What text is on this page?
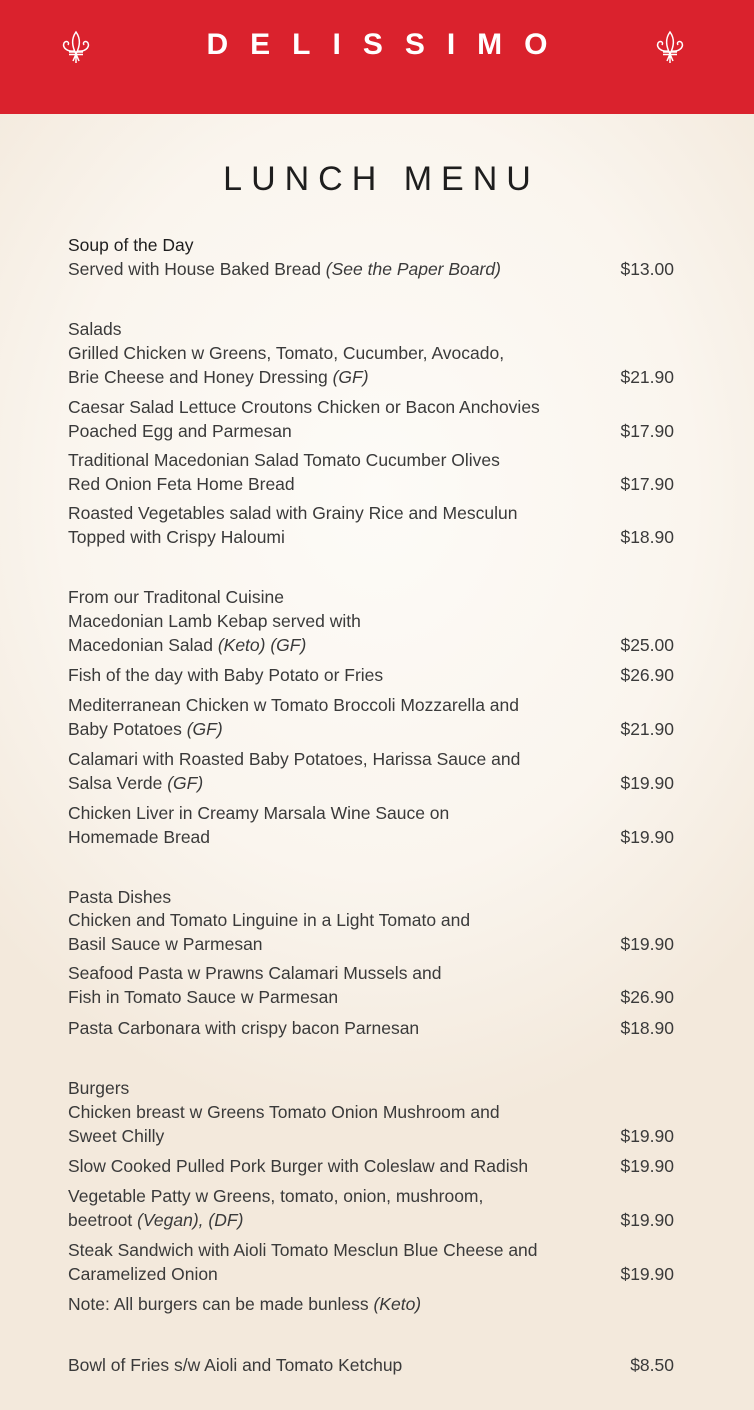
DELISSIMO
LUNCH MENU
Soup of the Day
Served with House Baked Bread (See the Paper Board)	$13.00
Salads
Grilled Chicken w Greens, Tomato, Cucumber, Avocado,
Brie Cheese and Honey Dressing (GF)	$21.90
Caesar Salad Lettuce Croutons Chicken or Bacon Anchovies
Poached Egg and Parmesan	$17.90
Traditional Macedonian Salad Tomato Cucumber Olives
Red Onion Feta Home Bread	$17.90
Roasted Vegetables salad with Grainy Rice and Mesculun
Topped with Crispy Haloumi	$18.90
From our Traditonal Cuisine
Macedonian Lamb Kebap served with
Macedonian Salad (Keto) (GF)	$25.00
Fish of the day with Baby Potato or Fries	$26.90
Mediterranean Chicken w Tomato Broccoli Mozzarella and
Baby Potatoes (GF)	$21.90
Calamari with Roasted Baby Potatoes, Harissa Sauce and
Salsa Verde (GF)	$19.90
Chicken Liver in Creamy Marsala Wine Sauce on
Homemade Bread	$19.90
Pasta Dishes
Chicken and Tomato Linguine in a Light Tomato and
Basil Sauce w Parmesan	$19.90
Seafood Pasta w Prawns Calamari Mussels and
Fish in Tomato Sauce w Parmesan	$26.90
Pasta Carbonara with crispy bacon Parnesan	$18.90
Burgers
Chicken breast w Greens Tomato Onion Mushroom and
Sweet Chilly	$19.90
Slow Cooked Pulled Pork Burger with Coleslaw and Radish	$19.90
Vegetable Patty w Greens, tomato, onion, mushroom,
beetroot (Vegan), (DF)	$19.90
Steak Sandwich with Aioli Tomato Mesclun Blue Cheese and
Caramelized Onion	$19.90
Note: All burgers can be made bunless (Keto)
Bowl of Fries s/w Aioli and Tomato Ketchup	$8.50
